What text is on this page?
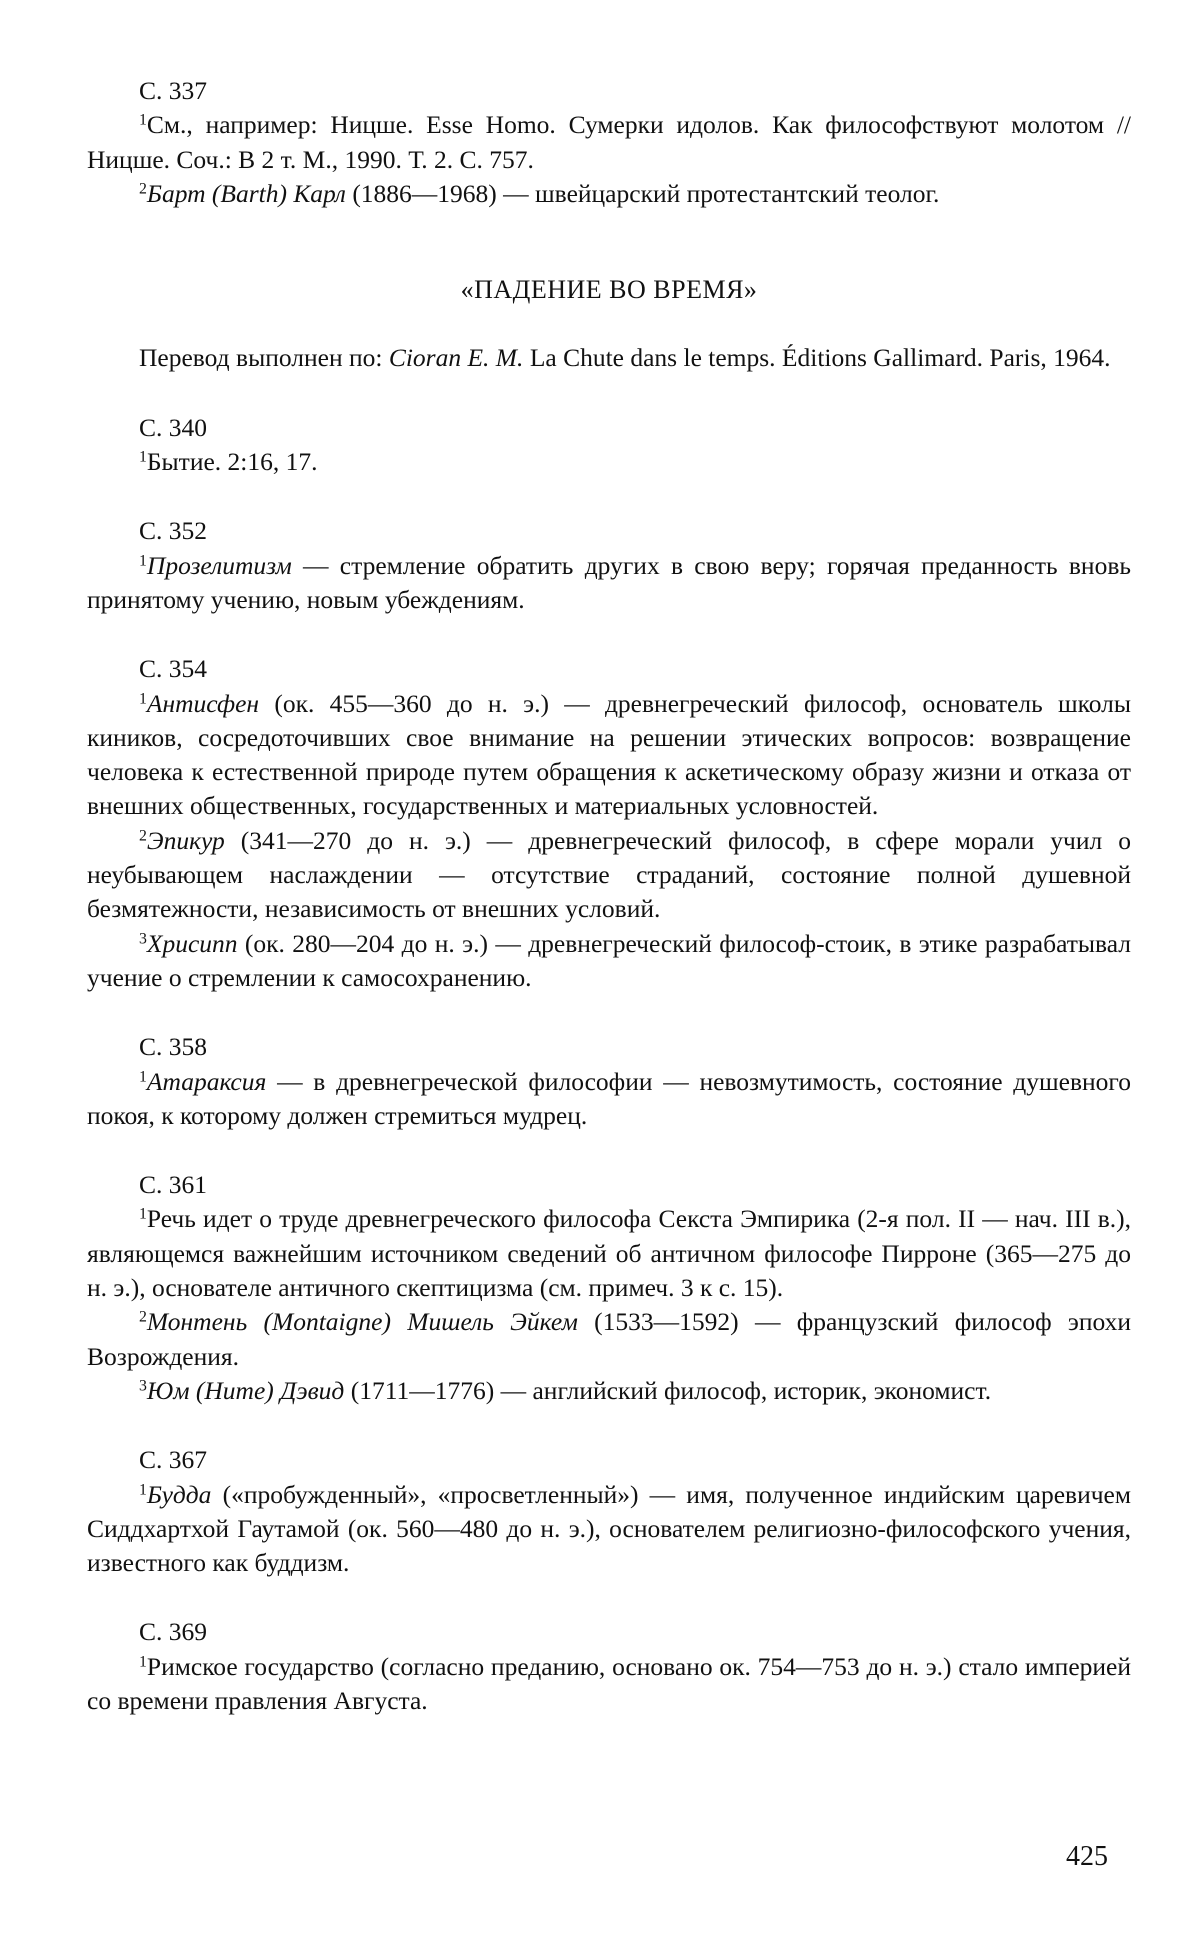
С. 337

$^1$См., например: Ницше. Esse Homo. Сумерки идолов. Как философствуют молотом // Ницше. Соч.: В 2 т. М., 1990. Т. 2. С. 757.

$^2$Барт (Barth) Карл (1886—1968) — швейцарский протестантский теолог.

«ПАДЕНИЕ ВО ВРЕМЯ»

Перевод выполнен по: Cioran E. M. La Chute dans le temps. Éditions Gallimard. Paris, 1964.

С. 340

$^1$Бытие. 2:16, 17.

С. 352

$^1$Прозелитизм — стремление обратить других в свою веру; горячая преданность вновь принятому учению, новым убеждениям.

С. 354

$^1$Антисфен (ок. 455—360 до н. э.) — древнегреческий философ, основатель школы киников, сосредоточивших свое внимание на решении этических вопросов: возвращение человека к естественной природе путем обращения к аскетическому образу жизни и отказа от внешних общественных, государственных и материальных условностей.

$^2$Эпикур (341—270 до н. э.) — древнегреческий философ, в сфере морали учил о неубывающем наслаждении — отсутствие страданий, состояние полной душевной безмятежности, независимость от внешних условий.

$^3$Хрисипп (ок. 280—204 до н. э.) — древнегреческий философ-стоик, в этике разрабатывал учение о стремлении к самосохранению.

С. 358

$^1$Атараксия — в древнегреческой философии — невозмутимость, состояние душевного покоя, к которому должен стремиться мудрец.

С. 361

$^1$Речь идет о труде древнегреческого философа Секста Эмпирика (2-я пол. II — нач. III в.), являющемся важнейшим источником сведений об античном философе Пирроне (365—275 до н. э.), основателе античного скептицизма (см. примеч. 3 к с. 15).

$^2$Монтень (Montaigne) Мишель Эйкем (1533—1592) — французский философ эпохи Возрождения.

$^3$Юм (Hume) Дэвид (1711—1776) — английский философ, историк, экономист.

С. 367

$^1$Будда («пробужденный», «просветленный») — имя, полученное индийским царевичем Сиддхартхой Гаутамой (ок. 560—480 до н. э.), основателем религиозно-философского учения, известного как буддизм.

С. 369

$^1$Римское государство (согласно преданию, основано ок. 754—753 до н. э.) стало империей со времени правления Августа.

425
